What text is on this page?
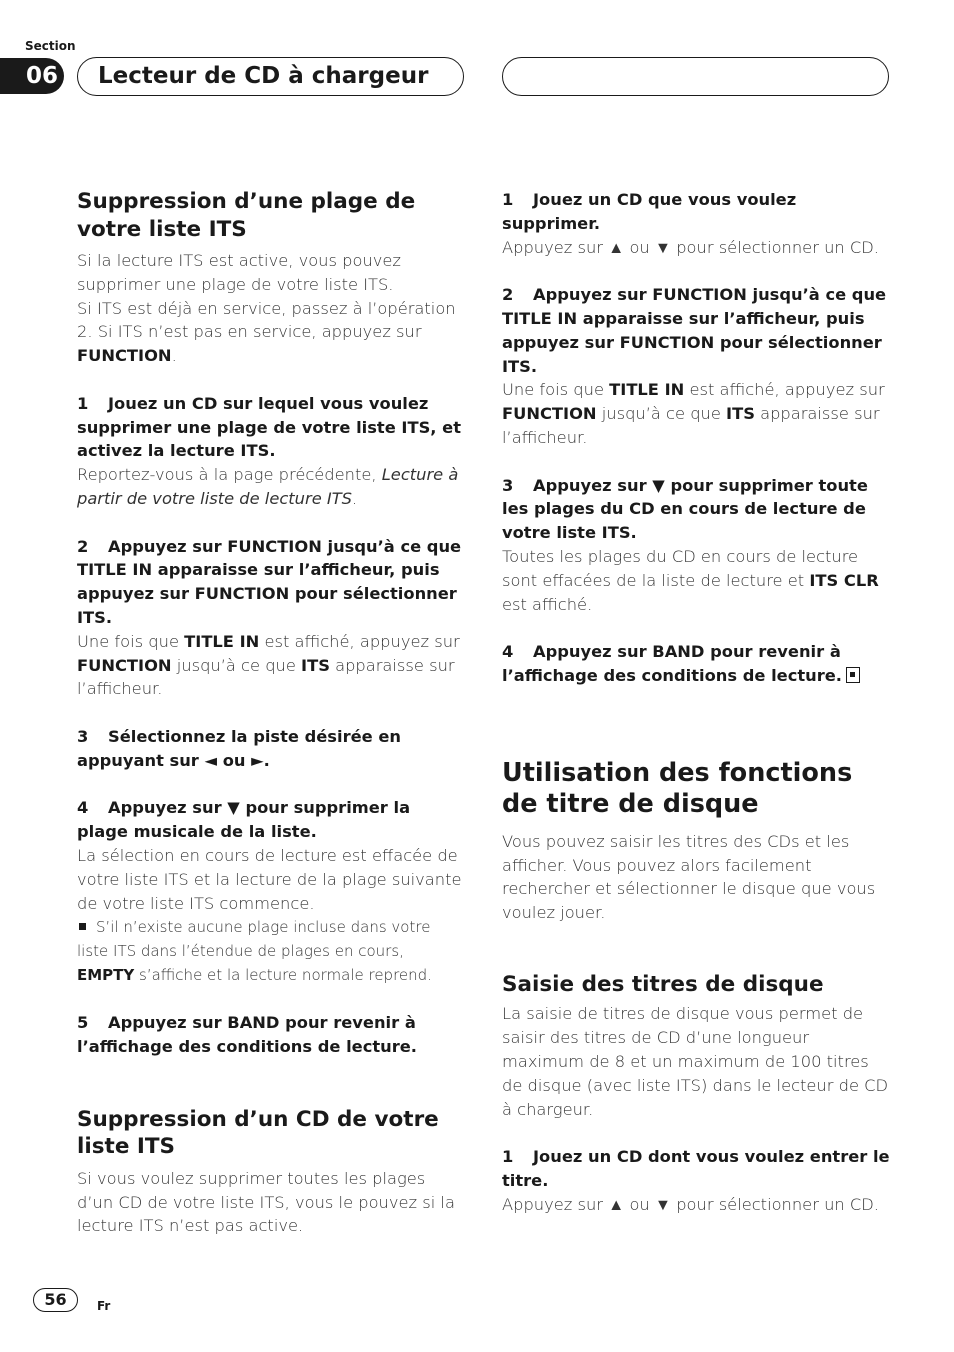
Section
06	Lecteur de CD à chargeur
Suppression d’une plage de votre liste ITS

Si la lecture ITS est active, vous pouvez supprimer une plage de votre liste ITS.

Si ITS est déjà en service, passez à l’opération 2. Si ITS n’est pas en service, appuyez sur FUNCTION.

1 Jouez un CD sur lequel vous voulez supprimer une plage de votre liste ITS, et activez la lecture ITS.

Reportez-vous à la page précédente, Lecture à partir de votre liste de lecture ITS.

2 Appuyez sur FUNCTION jusqu’à ce que TITLE IN apparaisse sur l’afficheur, puis appuyez sur FUNCTION pour sélectionner ITS.

Une fois que TITLE IN est affiché, appuyez sur FUNCTION jusqu’à ce que ITS apparaisse sur l’afficheur.

3 Sélectionnez la piste désirée en appuyant sur ◄ ou ►.
4 Appuyez sur ▼ pour supprimer la plage musicale de la liste.

La sélection en cours de lecture est effacée de votre liste ITS et la lecture de la plage suivante de votre liste ITS commence.

S’il n’existe aucune plage incluse dans votre liste ITS dans l’étendue de plages en cours, EMPTY s’affiche et la lecture normale reprend.

5 Appuyez sur BAND pour revenir à l’affichage des conditions de lecture.
Suppression d’un CD de votre liste ITS

Si vous voulez supprimer toutes les plages d’un CD de votre liste ITS, vous le pouvez si la lecture ITS n’est pas active.

1 Jouez un CD que vous voulez supprimer.

Appuyez sur ▲ ou ▼ pour sélectionner un CD.

2 Appuyez sur FUNCTION jusqu’à ce que TITLE IN apparaisse sur l’afficheur, puis appuyez sur FUNCTION pour sélectionner ITS.

Une fois que TITLE IN est affiché, appuyez sur FUNCTION jusqu’à ce que ITS apparaisse sur l’afficheur.

3 Appuyez sur ▼ pour supprimer toute les plages du CD en cours de lecture de votre liste ITS.

Toutes les plages du CD en cours de lecture sont effacées de la liste de lecture et ITS CLR est affiché.

4 Appuyez sur BAND pour revenir à l’affichage des conditions de lecture.
Utilisation des fonctions de titre de disque

Vous pouvez saisir les titres des CDs et les afficher. Vous pouvez alors facilement rechercher et sélectionner le disque que vous voulez jouer.

Saisie des titres de disque

La saisie de titres de disque vous permet de saisir des titres de CD d’une longueur maximum de 8 et un maximum de 100 titres de disque (avec liste ITS) dans le lecteur de CD à chargeur.

1 Jouez un CD dont vous voulez entrer le titre.

Appuyez sur ▲ ou ▼ pour sélectionner un CD.

56	Fr
